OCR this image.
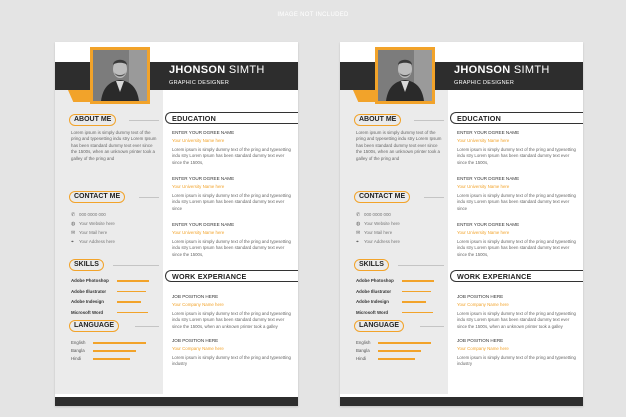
IMAGE NOT INCLUDED
JHONSON SIMTH
GRAPHIC DESIGNER
ABOUT ME
Lorem ipsum is simply dummy text of the pring and typesetting indu stry Lorem Ipsum has been standard dummy text ever since the 1500s, when an unknown printer took a galley of the pring and
CONTACT ME
✆ 000 0000 000
◍ Your Website here
✉ Your Mail here
⌖ Your Address here
SKILLS
Adobe Photoshop
Adobe Illustrator
Adobe Indesign
Microsoft Word
LANGUAGE
English
Bangla
Hindi
EDUCATION
ENTER YOUR DGREE NAME
Your University Name here
Lorem ipsum is simply dummy text of the pring and typesetting indu stry Lorem Ipsum has been standard dummy text ever since the 1500s,
ENTER YOUR DGREE NAME
Your University Name here
Lorem ipsum is simply dummy text of the pring and typesetting indu stry Lorem Ipsum has been standard dummy text ever since
ENTER YOUR DGREE NAME
Your University Name here
Lorem ipsum is simply dummy text of the pring and typesetting indu stry Lorem Ipsum has been standard dummy text ever since the 1500s,
WORK EXPERIANCE
JOB POSITION HERE
Your Company Name here
Lorem ipsum is simply dummy text of the pring and typesetting indu stry Lorem Ipsum has been standard dummy text ever since the 1500s, when an unknown printer took a galley
JOB POSITION HERE
Your Company Name here
Lorem ipsum is simply dummy text of the pring and typesetting industry
JHONSON SIMTH
GRAPHIC DESIGNER
ABOUT ME
Lorem ipsum is simply dummy text of the pring and typesetting indu stry Lorem Ipsum has been standard dummy text ever since the 1500s, when an unknown printer took a galley of the pring and
CONTACT ME
✆ 000 0000 000
◍ Your Website here
✉ Your Mail here
⌖ Your Address here
SKILLS
Adobe Photoshop
Adobe Illustrator
Adobe Indesign
Microsoft Word
LANGUAGE
English
Bangla
Hindi
EDUCATION
ENTER YOUR DGREE NAME
Your University Name here
Lorem ipsum is simply dummy text of the pring and typesetting indu stry Lorem Ipsum has been standard dummy text ever since the 1500s,
ENTER YOUR DGREE NAME
Your University Name here
Lorem ipsum is simply dummy text of the pring and typesetting indu stry Lorem Ipsum has been standard dummy text ever since
ENTER YOUR DGREE NAME
Your University Name here
Lorem ipsum is simply dummy text of the pring and typesetting indu stry Lorem Ipsum has been standard dummy text ever since the 1500s,
WORK EXPERIANCE
JOB POSITION HERE
Your Company Name here
Lorem ipsum is simply dummy text of the pring and typesetting indu stry Lorem Ipsum has been standard dummy text ever since the 1500s, when an unknown printer took a galley
JOB POSITION HERE
Your Company Name here
Lorem ipsum is simply dummy text of the pring and typesetting industry
